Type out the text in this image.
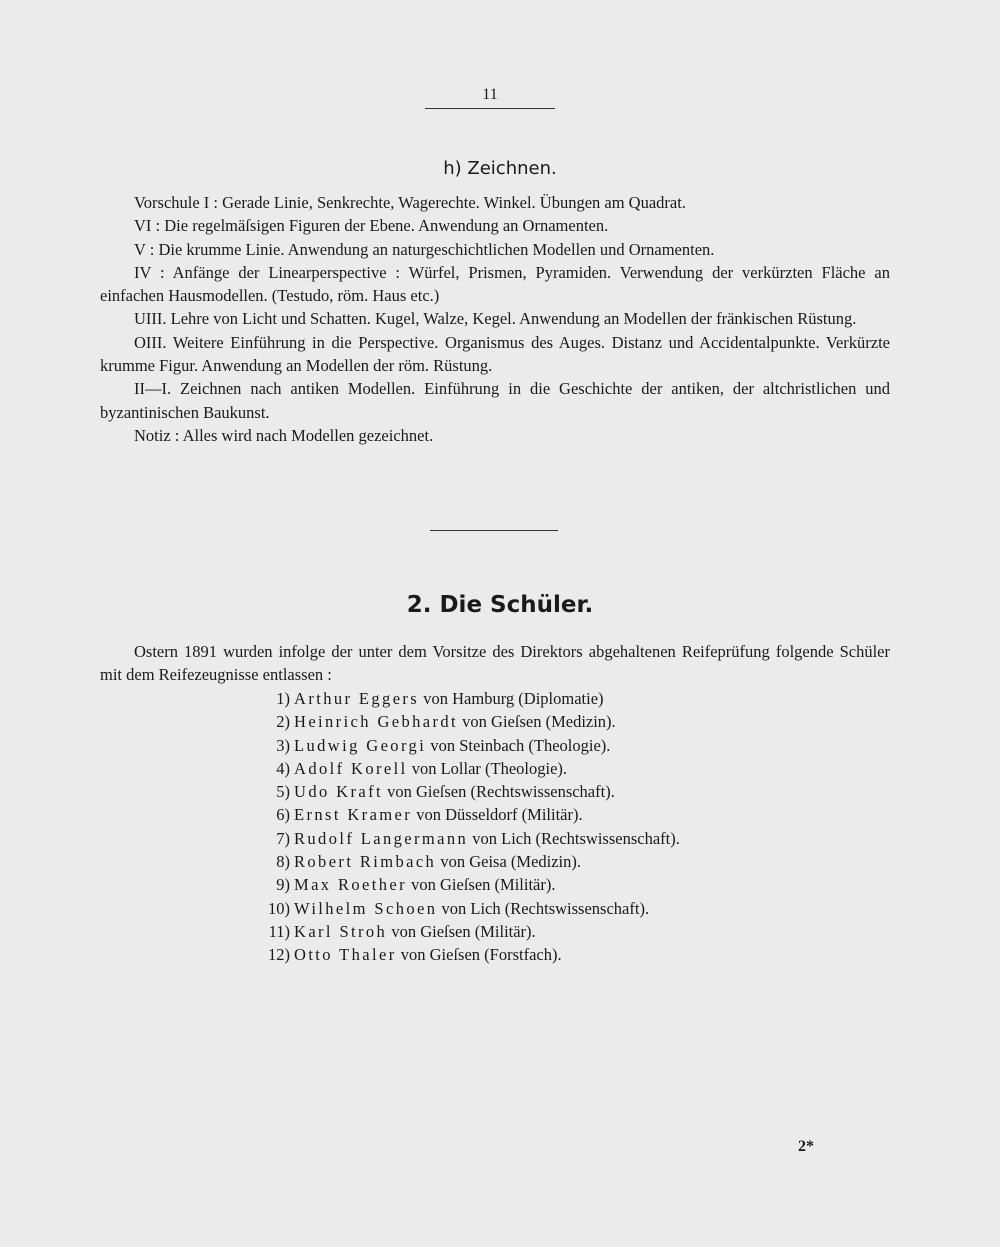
11
h) Zeichnen.

Vorschule I : Gerade Linie, Senkrechte, Wagerechte. Winkel. Übungen am Quadrat.

VI : Die regelmäſsigen Figuren der Ebene. Anwendung an Ornamenten.

V : Die krumme Linie. Anwendung an naturgeschichtlichen Modellen und Ornamenten.

IV : Anfänge der Linearperspective : Würfel, Prismen, Pyramiden. Verwendung der verkürzten Fläche an einfachen Hausmodellen. (Testudo, röm. Haus etc.)

UIII. Lehre von Licht und Schatten. Kugel, Walze, Kegel. Anwendung an Modellen der fränkischen Rüstung.

OIII. Weitere Einführung in die Perspective. Organismus des Auges. Distanz und Accidentalpunkte. Verkürzte krumme Figur. Anwendung an Modellen der röm. Rüstung.

II—I. Zeichnen nach antiken Modellen. Einführung in die Geschichte der antiken, der altchristlichen und byzantinischen Baukunst.

Notiz : Alles wird nach Modellen gezeichnet.

2. Die Schüler.

Ostern 1891 wurden infolge der unter dem Vorsitze des Direktors abgehaltenen Reifeprüfung folgende Schüler mit dem Reifezeugnisse entlassen :

1) Arthur Eggers von Hamburg (Diplomatie)
2) Heinrich Gebhardt von Gieſsen (Medizin).
3) Ludwig Georgi von Steinbach (Theologie).
4) Adolf Korell von Lollar (Theologie).
5) Udo Kraft von Gieſsen (Rechtswissenschaft).
6) Ernst Kramer von Düsseldorf (Militär).
7) Rudolf Langermann von Lich (Rechtswissenschaft).
8) Robert Rimbach von Geisa (Medizin).
9) Max Roether von Gieſsen (Militär).
10) Wilhelm Schoen von Lich (Rechtswissenschaft).
11) Karl Stroh von Gieſsen (Militär).
12) Otto Thaler von Gieſsen (Forstfach).
2*
